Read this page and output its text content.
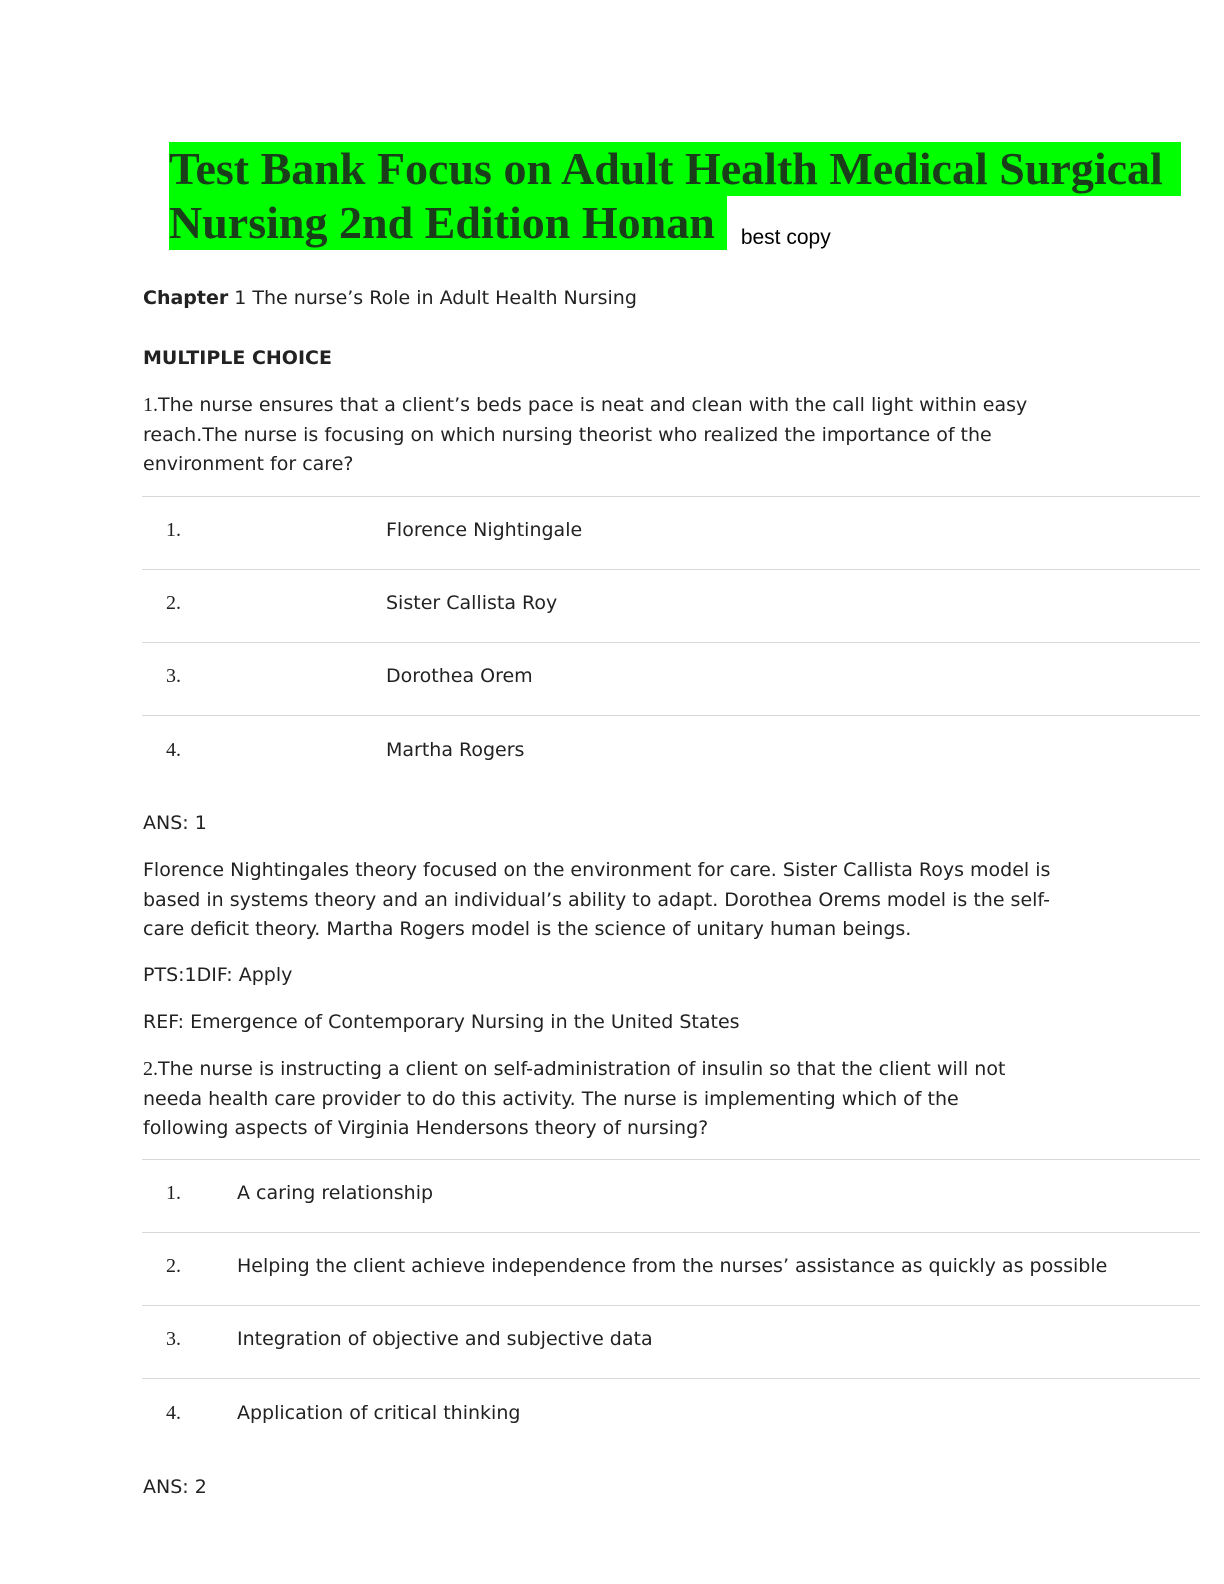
Test Bank Focus on Adult Health Medical Surgical
Nursing 2nd Edition Honan best copy
Chapter 1 The nurse’s Role in Adult Health Nursing
MULTIPLE CHOICE
1.The nurse ensures that a client’s beds pace is neat and clean with the call light within easy
reach.The nurse is focusing on which nursing theorist who realized the importance of the
environment for care?
1.	Florence Nightingale
2.	Sister Callista Roy
3.	Dorothea Orem
4.	Martha Rogers
ANS: 1
Florence Nightingales theory focused on the environment for care. Sister Callista Roys model is
based in systems theory and an individual’s ability to adapt. Dorothea Orems model is the self-
care deficit theory. Martha Rogers model is the science of unitary human beings.
PTS:1DIF: Apply
REF: Emergence of Contemporary Nursing in the United States
2.The nurse is instructing a client on self-administration of insulin so that the client will not
needa health care provider to do this activity. The nurse is implementing which of the
following aspects of Virginia Hendersons theory of nursing?
1.	A caring relationship
2.	Helping the client achieve independence from the nurses’ assistance as quickly as possible
3.	Integration of objective and subjective data
4.	Application of critical thinking
ANS: 2
